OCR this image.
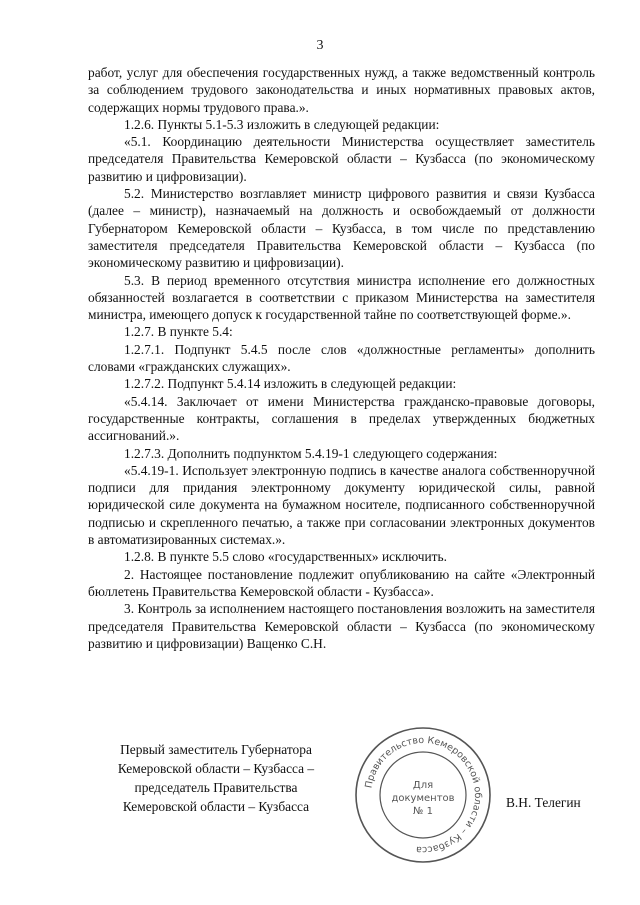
3

работ, услуг для обеспечения государственных нужд, а также ведомственный контроль за соблюдением трудового законодательства и иных нормативных правовых актов, содержащих нормы трудового права.».

1.2.6. Пункты 5.1-5.3 изложить в следующей редакции:

«5.1. Координацию деятельности Министерства осуществляет заместитель председателя Правительства Кемеровской области – Кузбасса (по экономическому развитию и цифровизации).

5.2. Министерство возглавляет министр цифрового развития и связи Кузбасса (далее – министр), назначаемый на должность и освобождаемый от должности Губернатором Кемеровской области – Кузбасса, в том числе по представлению заместителя председателя Правительства Кемеровской области – Кузбасса (по экономическому развитию и цифровизации).

5.3. В период временного отсутствия министра исполнение его должностных обязанностей возлагается в соответствии с приказом Министерства на заместителя министра, имеющего допуск к государственной тайне по соответствующей форме.».

1.2.7. В пункте 5.4:

1.2.7.1. Подпункт 5.4.5 после слов «должностные регламенты» дополнить словами «гражданских служащих».

1.2.7.2. Подпункт 5.4.14 изложить в следующей редакции:

«5.4.14. Заключает от имени Министерства гражданско-правовые договоры, государственные контракты, соглашения в пределах утвержденных бюджетных ассигнований.».

1.2.7.3. Дополнить подпунктом 5.4.19-1 следующего содержания:

«5.4.19-1. Использует электронную подпись в качестве аналога собственноручной подписи для придания электронному документу юридической силы, равной юридической силе документа на бумажном носителе, подписанного собственноручной подписью и скрепленного печатью, а также при согласовании электронных документов в автоматизированных системах.».

1.2.8. В пункте 5.5 слово «государственных» исключить.

2. Настоящее постановление подлежит опубликованию на сайте «Электронный бюллетень Правительства Кемеровской области - Кузбасса».

3. Контроль за исполнением настоящего постановления возложить на заместителя председателя Правительства Кемеровской области – Кузбасса (по экономическому развитию и цифровизации) Ващенко С.Н.

Первый заместитель Губернатора
Кемеровской области – Кузбасса –
председатель Правительства
Кемеровской области – Кузбасса
Правительство Кемеровской области – Кузбасса
Для
документов
№ 1
В.Н. Телегин
